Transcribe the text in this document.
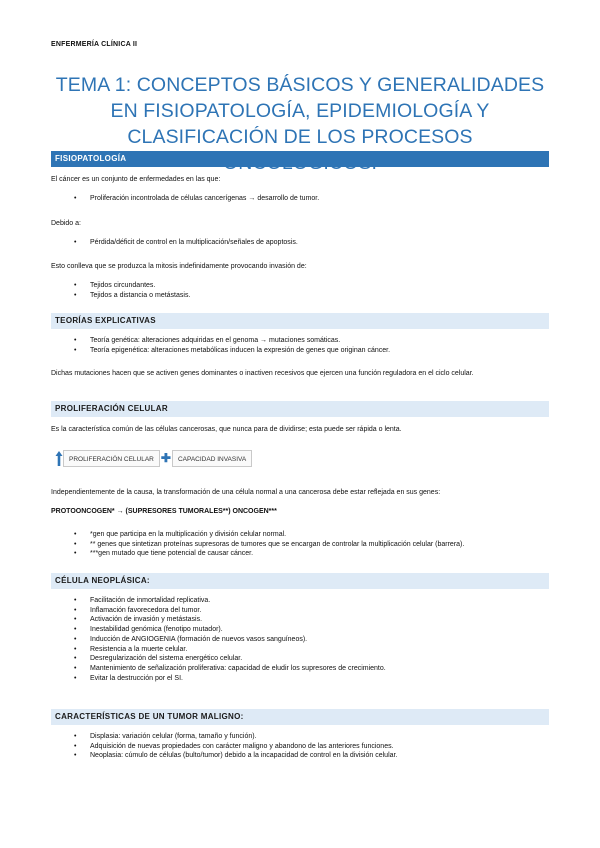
ENFERMERÍA CLÍNICA II
TEMA 1: CONCEPTOS BÁSICOS Y GENERALIDADES EN FISIOPATOLOGÍA, EPIDEMIOLOGÍA Y CLASIFICACIÓN DE LOS PROCESOS
FISIOPATOLOGÍA
El cáncer es un conjunto de enfermedades en las que:
• Proliferación incontrolada de células cancerígenas → desarrollo de tumor.
Debido a:
• Pérdida/déficit de control en la multiplicación/señales de apoptosis.
Esto conlleva que se produzca la mitosis indefinidamente provocando invasión de:
• Tejidos circundantes.
• Tejidos a distancia o metástasis.
TEORÍAS EXPLICATIVAS
• Teoría genética: alteraciones adquiridas en el genoma → mutaciones somáticas.
• Teoría epigenética: alteraciones metabólicas inducen la expresión de genes que originan cáncer.
Dichas mutaciones hacen que se activen genes dominantes o inactiven recesivos que ejercen una función reguladora en el ciclo celular.
PROLIFERACIÓN CELULAR
Es la característica común de las células cancerosas, que nunca para de dividirse; esta puede ser rápida o lenta.
PROLIFERACIÓN CELULAR ✚	CAPACIDAD INVASIVA
Independientemente de la causa, la transformación de una célula normal a una cancerosa debe estar reflejada en sus genes:
PROTOONCOGEN* → (SUPRESORES TUMORALES**) ONCOGEN***
• *gen que participa en la multiplicación y división celular normal.
• ** genes que sintetizan proteínas supresoras de tumores que se encargan de controlar la multiplicación celular (barrera).
• ***gen mutado que tiene potencial de causar cáncer.
CÉLULA NEOPLÁSICA:
• Facilitación de inmortalidad replicativa.
• Inflamación favorecedora del tumor.
• Activación de invasión y metástasis.
• Inestabilidad genómica (fenotipo mutador).
• Inducción de ANGIOGENIA (formación de nuevos vasos sanguíneos).
• Resistencia a la muerte celular.
• Desregularización del sistema energético celular.
• Mantenimiento de señalización proliferativa: capacidad de eludir los supresores de crecimiento.
• Evitar la destrucción por el SI.
CARACTERÍSTICAS DE UN TUMOR MALIGNO:
• Displasia: variación celular (forma, tamaño y función).
• Adquisición de nuevas propiedades con carácter maligno y abandono de las anteriores funciones.
• Neoplasia: cúmulo de células (bulto/tumor) debido a la incapacidad de control en la división celular.
